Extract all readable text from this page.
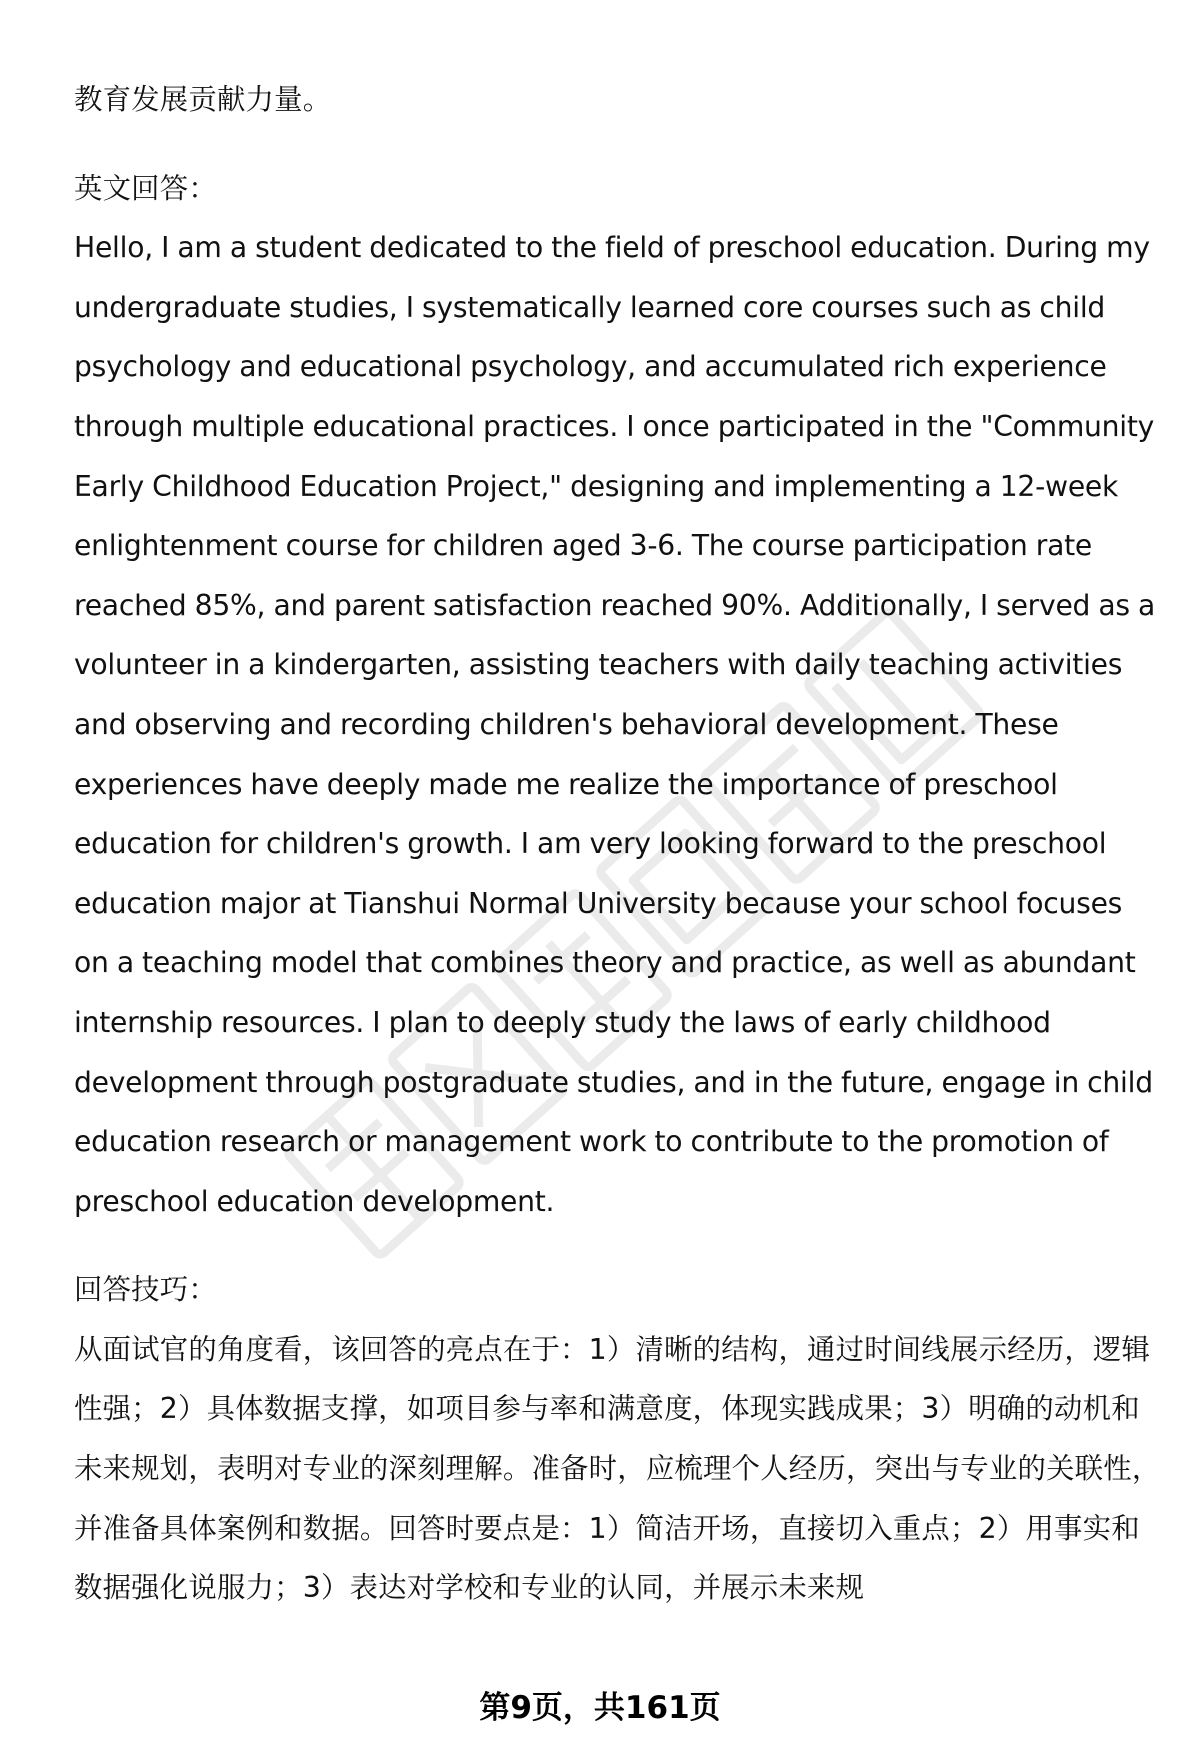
教育发展贡献力量。

英文回答：

Hello, I am a student dedicated to the field of preschool education. During my undergraduate studies, I systematically learned core courses such as child psychology and educational psychology, and accumulated rich experience through multiple educational practices. I once participated in the "Community Early Childhood Education Project," designing and implementing a 12-week enlightenment course for children aged 3-6. The course participation rate reached 85%, and parent satisfaction reached 90%. Additionally, I served as a volunteer in a kindergarten, assisting teachers with daily teaching activities and observing and recording children's behavioral development. These experiences have deeply made me realize the importance of preschool education for children's growth. I am very looking forward to the preschool education major at Tianshui Normal University because your school focuses on a teaching model that combines theory and practice, as well as abundant internship resources. I plan to deeply study the laws of early childhood development through postgraduate studies, and in the future, engage in child education research or management work to contribute to the promotion of preschool education development.

回答技巧：

从面试官的角度看，该回答的亮点在于：1）清晰的结构，通过时间线展示经历，逻辑性强；2）具体数据支撑，如项目参与率和满意度，体现实践成果；3）明确的动机和未来规划，表明对专业的深刻理解。准备时，应梳理个人经历，突出与专业的关联性，并准备具体案例和数据。回答时要点是：1）简洁开场，直接切入重点；2）用事实和数据强化说服力；3）表达对学校和专业的认同，并展示未来规

第9页，共161页
